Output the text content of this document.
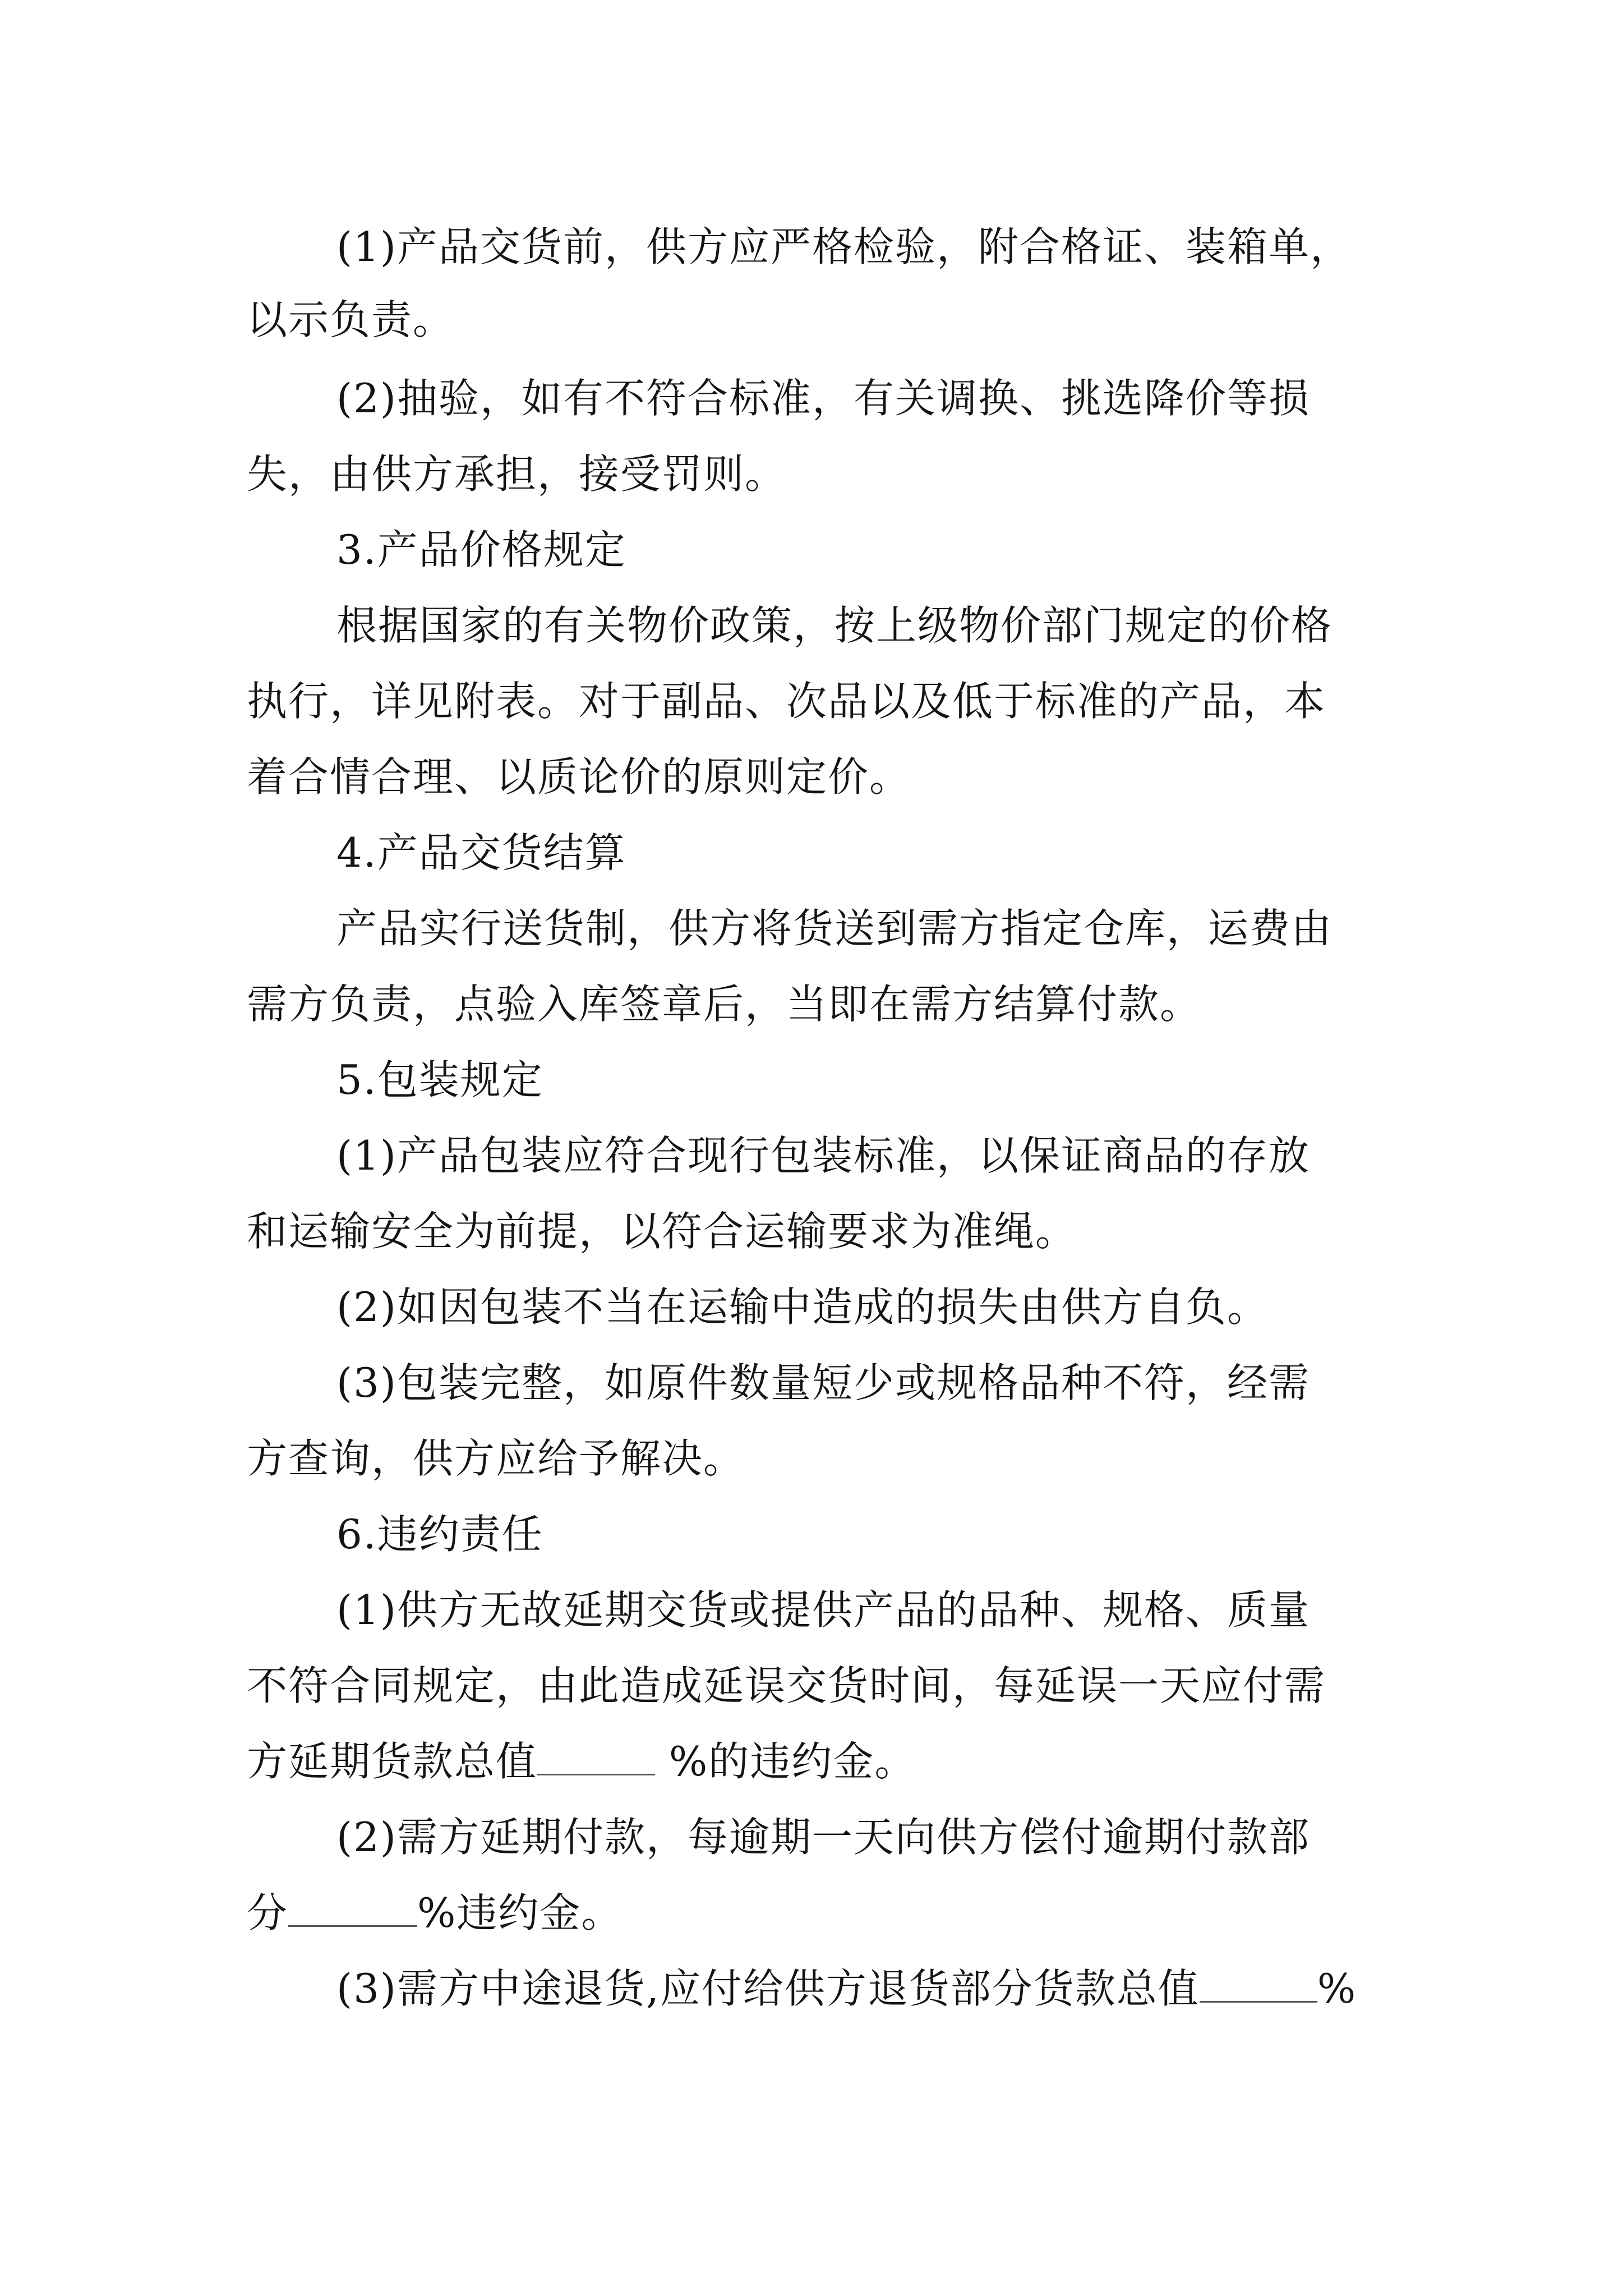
(1)产品交货前，供方应严格检验，附合格证、装箱单，
以示负责。
(2)抽验，如有不符合标准，有关调换、挑选降价等损
失，由供方承担，接受罚则。
3.产品价格规定
根据国家的有关物价政策，按上级物价部门规定的价格
执行，详见附表。对于副品、次品以及低于标准的产品，本
着合情合理、以质论价的原则定价。
4.产品交货结算
产品实行送货制，供方将货送到需方指定仓库，运费由
需方负责，点验入库签章后，当即在需方结算付款。
5.包装规定
(1)产品包装应符合现行包装标准，以保证商品的存放
和运输安全为前提，以符合运输要求为准绳。
(2)如因包装不当在运输中造成的损失由供方自负。
(3)包装完整，如原件数量短少或规格品种不符，经需
方查询，供方应给予解决。
6.违约责任
(1)供方无故延期交货或提供产品的品种、规格、质量
不符合同规定，由此造成延误交货时间，每延误一天应付需
方延期货款总值	%的违约金。
(2)需方延期付款，每逾期一天向供方偿付逾期付款部
分	%违约金。
(3)需方中途退货,应付给供方退货部分货款总值	%
